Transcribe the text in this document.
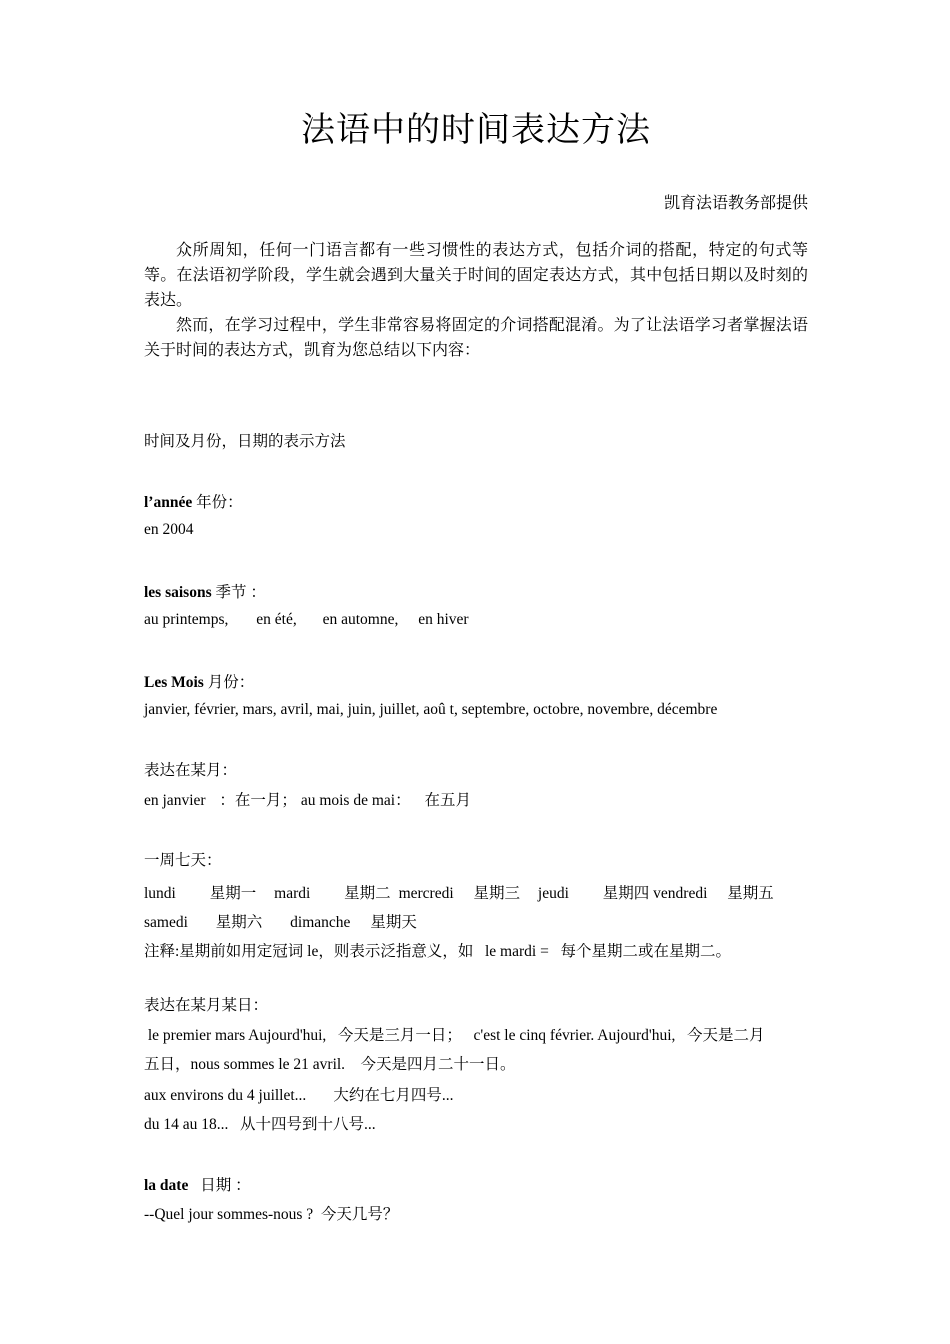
法语中的时间表达方法
凯育法语教务部提供
众所周知，任何一门语言都有一些习惯性的表达方式，包括介词的搭配，特定的句式等等。在法语初学阶段，学生就会遇到大量关于时间的固定表达方式，其中包括日期以及时刻的表达。
然而，在学习过程中，学生非常容易将固定的介词搭配混淆。为了让法语学习者掌握法语关于时间的表达方式，凯育为您总结以下内容：
时间及月份，日期的表示方法
l’année 年份：
en 2004
les saisons 季节 ：
au printemps, en été, en automne, en hiver
Les Mois 月份：
janvier, février, mars, avril, mai, juin, juillet, aoû t, septembre, octobre, novembre, décembre
表达在某月：
en janvier ：在一月； au mois de mai： 在五月
一周七天：
lundi 星期一 mardi 星期二 mercredi 星期三 jeudi 星期四 vendredi 星期五
samedi 星期六 dimanche 星期天
注释:星期前如用定冠词 le，则表示泛指意义，如   le mardi =   每个星期二或在星期二。
表达在某月某日：
le premier mars Aujourd'hui,   今天是三月一日；   c'est le cinq février. Aujourd'hui,   今天是二月
五日，nous sommes le 21 avril.    今天是四月二十一日。
aux environs du 4 juillet...       大约在七月四号...
du 14 au 18...   从十四号到十八号...
la date 日期 ：
--Quel jour sommes-nous ?  今天几号？
